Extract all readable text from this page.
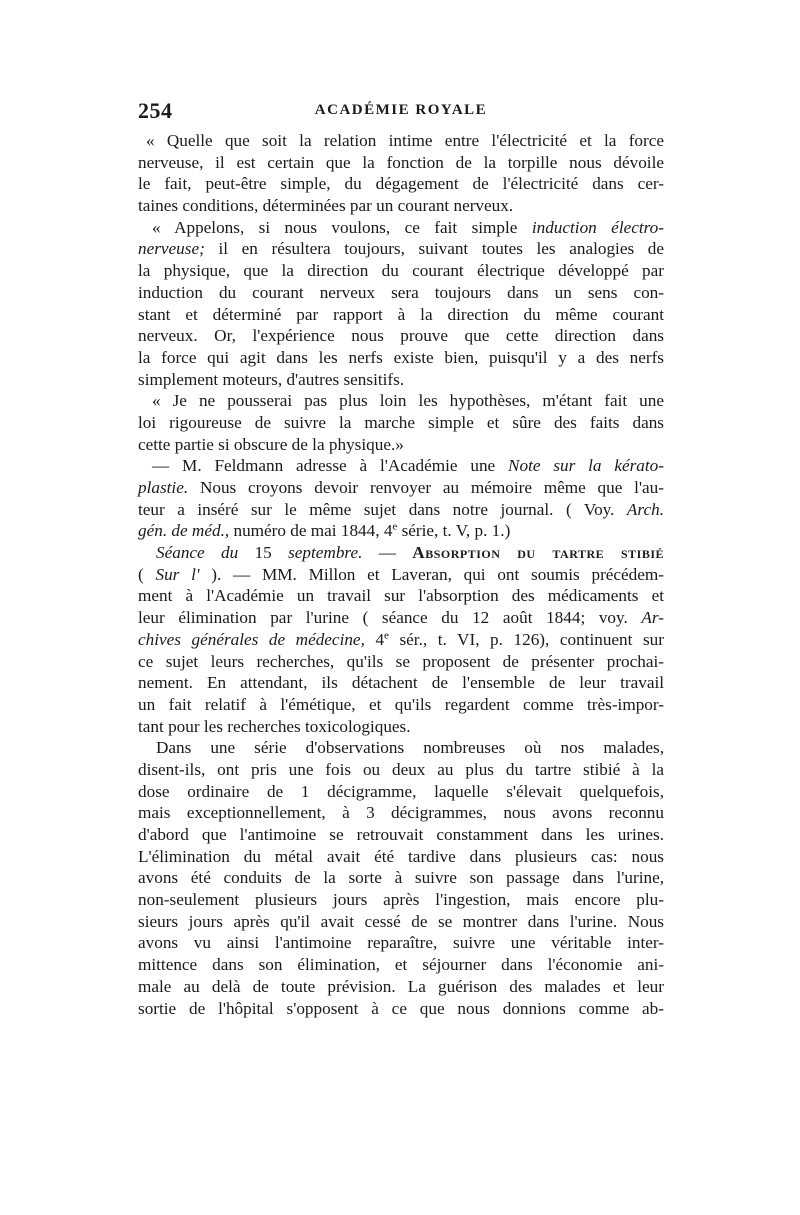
254	ACADÉMIE ROYALE
« Quelle que soit la relation intime entre l'électricité et la force
nerveuse, il est certain que la fonction de la torpille nous dévoile
le fait, peut-être simple, du dégagement de l'électricité dans cer-
taines conditions, déterminées par un courant nerveux.
« Appelons, si nous voulons, ce fait simple induction électro-
nerveuse; il en résultera toujours, suivant toutes les analogies de
la physique, que la direction du courant électrique développé par
induction du courant nerveux sera toujours dans un sens con-
stant et déterminé par rapport à la direction du même courant
nerveux. Or, l'expérience nous prouve que cette direction dans
la force qui agit dans les nerfs existe bien, puisqu'il y a des nerfs
simplement moteurs, d'autres sensitifs.
« Je ne pousserai pas plus loin les hypothèses, m'étant fait une
loi rigoureuse de suivre la marche simple et sûre des faits dans
cette partie si obscure de la physique.»
— M. Feldmann adresse à l'Académie une Note sur la kérato-
plastie. Nous croyons devoir renvoyer au mémoire même que l'au-
teur a inséré sur le même sujet dans notre journal. ( Voy. Arch.
gén. de méd., numéro de mai 1844, 4e série, t. V, p. 1.)
Séance du 15 septembre. — Absorption du tartre stibié
( Sur l' ). — MM. Millon et Laveran, qui ont soumis précédem-
ment à l'Académie un travail sur l'absorption des médicaments et
leur élimination par l'urine ( séance du 12 août 1844; voy. Ar-
chives générales de médecine, 4e sér., t. VI, p. 126), continuent sur
ce sujet leurs recherches, qu'ils se proposent de présenter prochai-
nement. En attendant, ils détachent de l'ensemble de leur travail
un fait relatif à l'émétique, et qu'ils regardent comme très-impor-
tant pour les recherches toxicologiques.
Dans une série d'observations nombreuses où nos malades,
disent-ils, ont pris une fois ou deux au plus du tartre stibié à la
dose ordinaire de 1 décigramme, laquelle s'élevait quelquefois,
mais exceptionnellement, à 3 décigrammes, nous avons reconnu
d'abord que l'antimoine se retrouvait constamment dans les urines.
L'élimination du métal avait été tardive dans plusieurs cas: nous
avons été conduits de la sorte à suivre son passage dans l'urine,
non-seulement plusieurs jours après l'ingestion, mais encore plu-
sieurs jours après qu'il avait cessé de se montrer dans l'urine. Nous
avons vu ainsi l'antimoine reparaître, suivre une véritable inter-
mittence dans son élimination, et séjourner dans l'économie ani-
male au delà de toute prévision. La guérison des malades et leur
sortie de l'hôpital s'opposent à ce que nous donnions comme ab-
